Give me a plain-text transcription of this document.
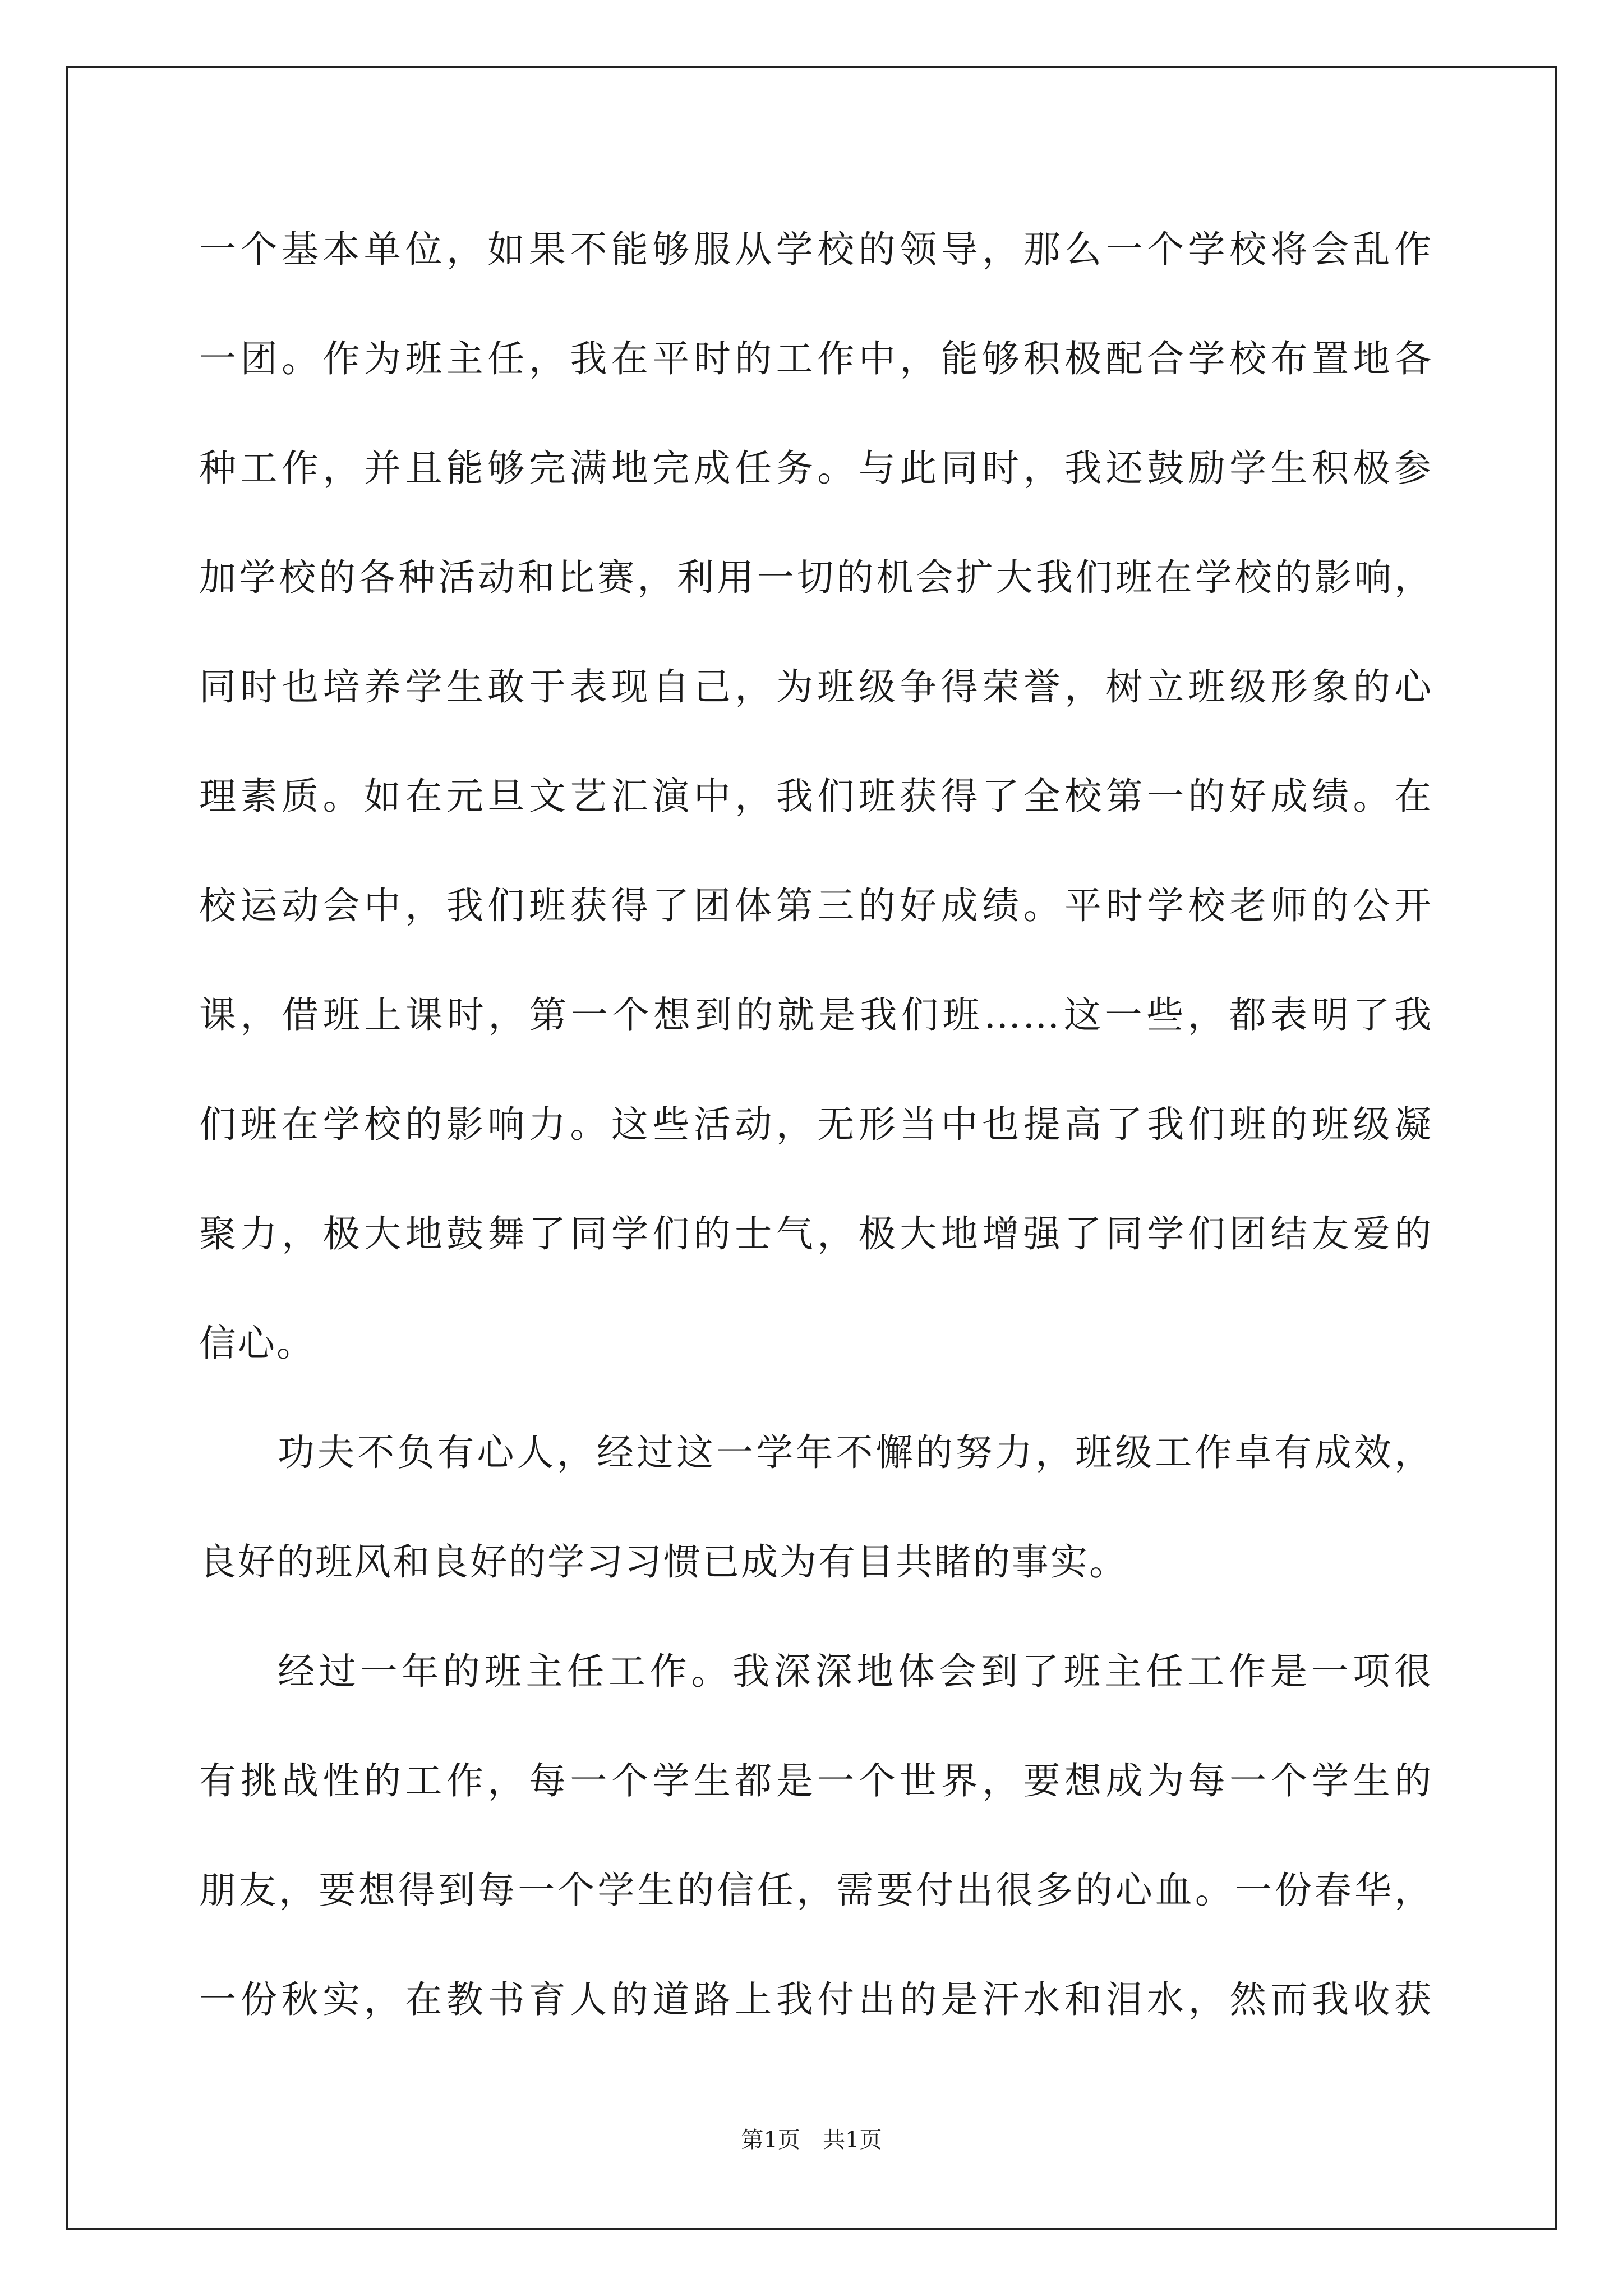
一个基本单位，如果不能够服从学校的领导，那么一个学校将会乱作
一团。作为班主任，我在平时的工作中，能够积极配合学校布置地各
种工作，并且能够完满地完成任务。与此同时，我还鼓励学生积极参
加学校的各种活动和比赛，利用一切的机会扩大我们班在学校的影响，
同时也培养学生敢于表现自己，为班级争得荣誉，树立班级形象的心
理素质。如在元旦文艺汇演中，我们班获得了全校第一的好成绩。在
校运动会中，我们班获得了团体第三的好成绩。平时学校老师的公开
课，借班上课时，第一个想到的就是我们班……这一些，都表明了我
们班在学校的影响力。这些活动，无形当中也提高了我们班的班级凝
聚力，极大地鼓舞了同学们的士气，极大地增强了同学们团结友爱的
信心。
功夫不负有心人，经过这一学年不懈的努力，班级工作卓有成效，
良好的班风和良好的学习习惯已成为有目共睹的事实。
经过一年的班主任工作。我深深地体会到了班主任工作是一项很
有挑战性的工作，每一个学生都是一个世界，要想成为每一个学生的
朋友，要想得到每一个学生的信任，需要付出很多的心血。一份春华，
一份秋实，在教书育人的道路上我付出的是汗水和泪水，然而我收获
第1页　共1页
